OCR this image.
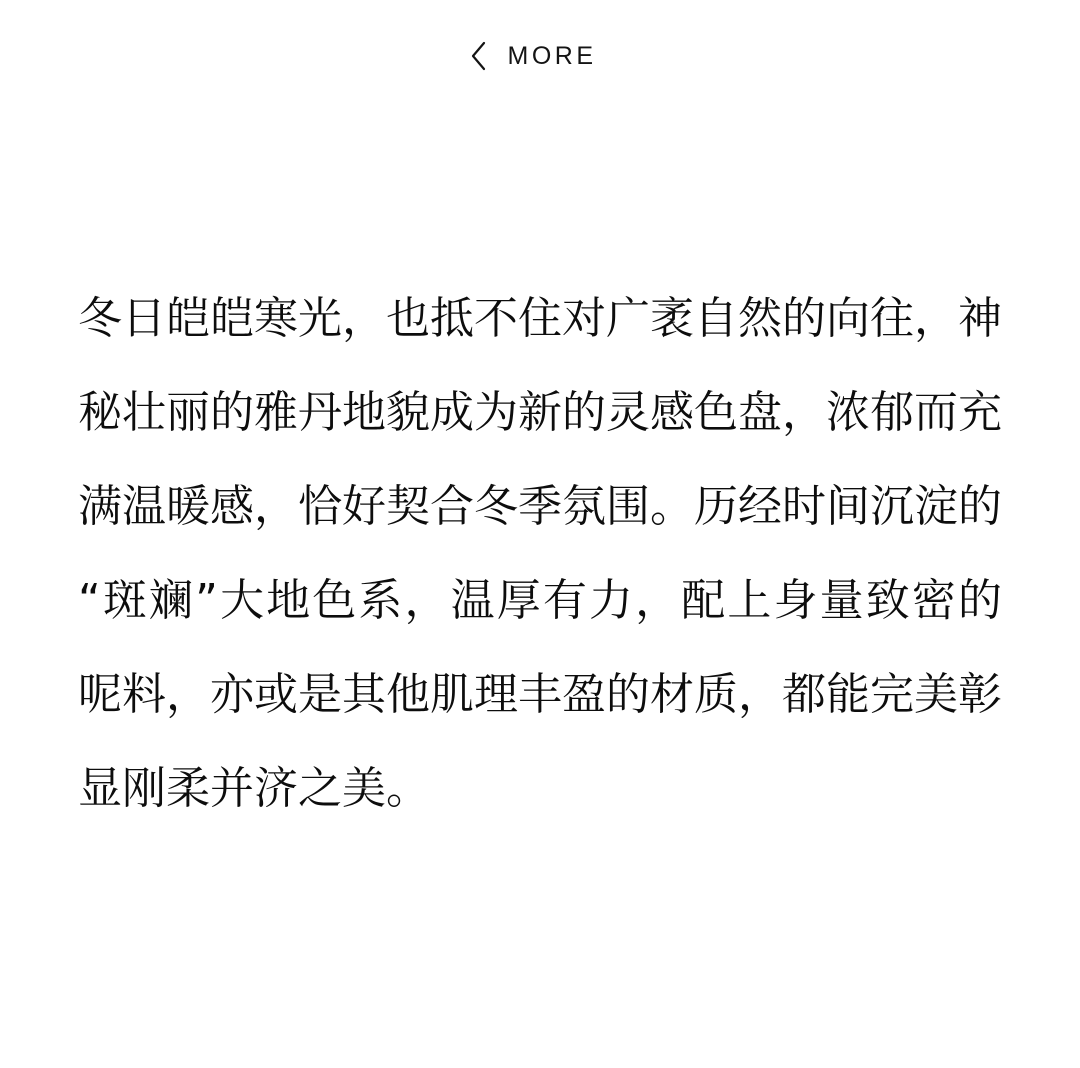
MORE

冬日皑皑寒光，也抵不住对广袤自然的向往，神秘壮丽的雅丹地貌成为新的灵感色盘，浓郁而充满温暖感，恰好契合冬季氛围。历经时间沉淀的“斑斓”大地色系，温厚有力，配上身量致密的呢料，亦或是其他肌理丰盈的材质，都能完美彰显刚柔并济之美。
